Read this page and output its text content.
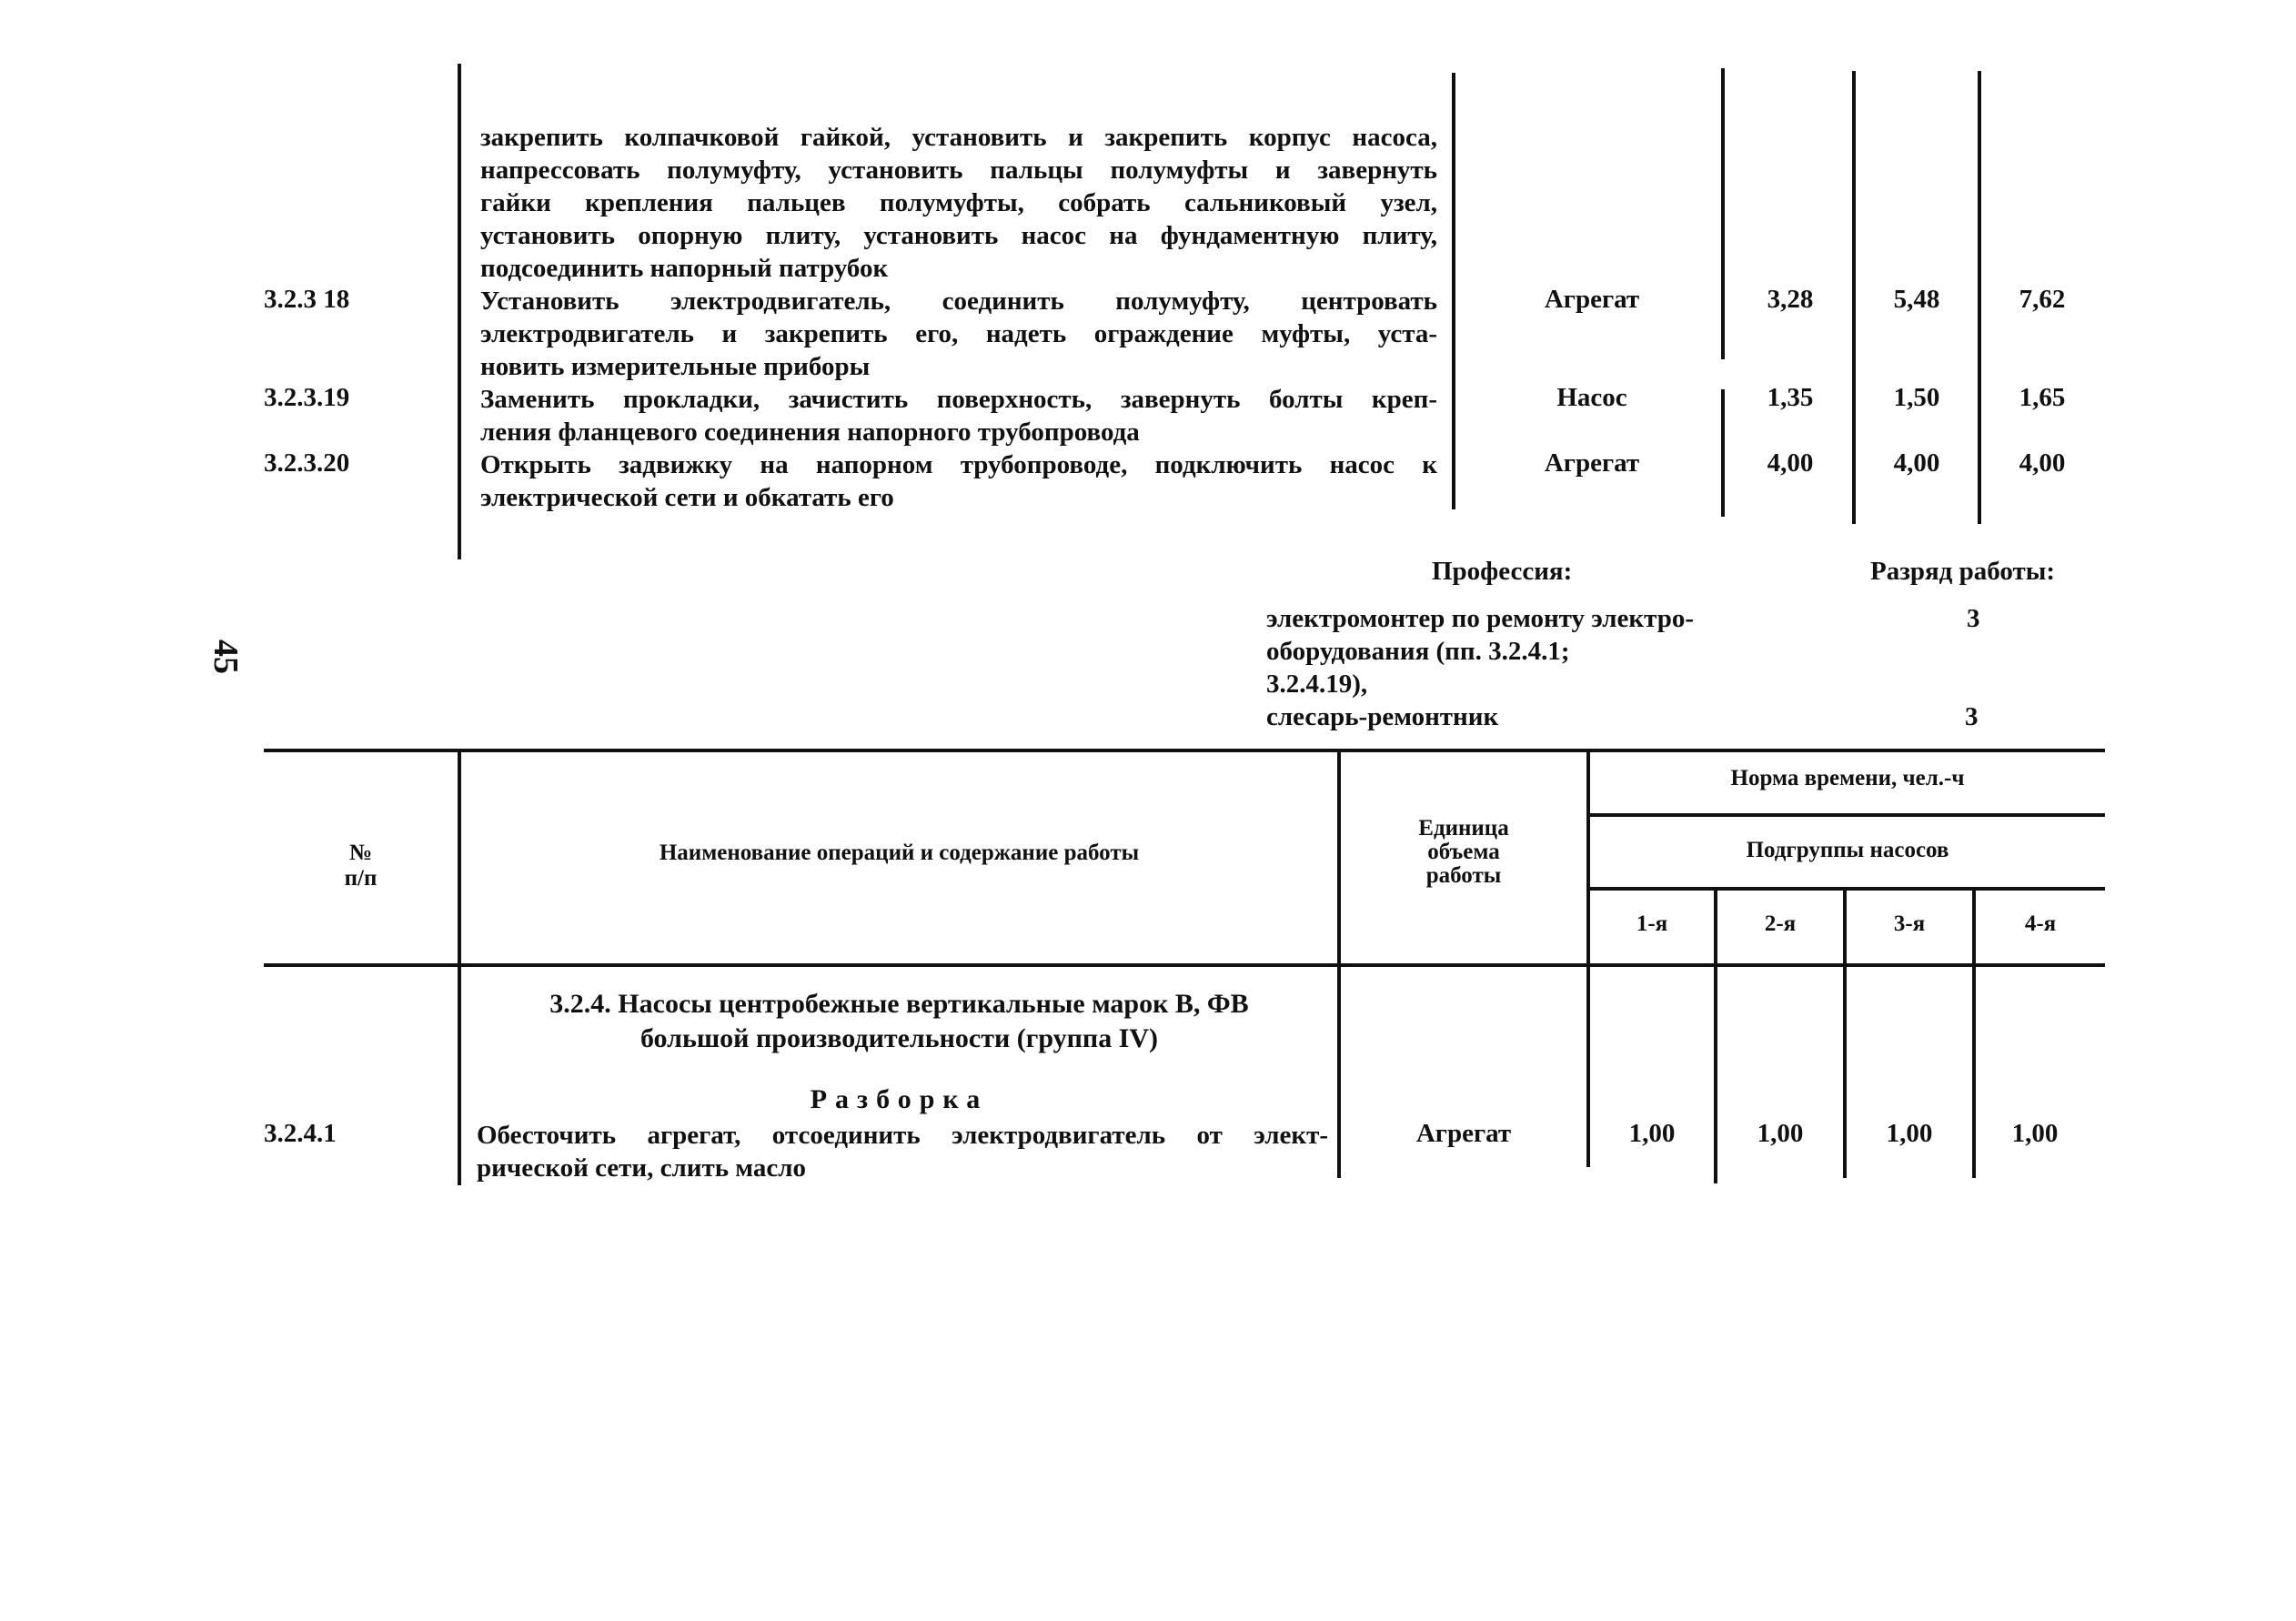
45
закрепить колпачковой гайкой, установить и закрепить корпус насоса,
напрессовать полумуфту, установить пальцы полумуфты и завернуть
гайки крепления пальцев полумуфты, собрать сальниковый узел,
установить опорную плиту, установить насос на фундаментную плиту,
подсоединить напорный патрубок
3.2.3 18	Установить электродвигатель, соединить полумуфту, центровать
электродвигатель и закрепить его, надеть ограждение муфты, уста-
новить измерительные приборы
Агрегат	3,28	5,48	7,62
3.2.3.19	Заменить прокладки, зачистить поверхность, завернуть болты креп-
ления фланцевого соединения напорного трубопровода
Насос	1,35	1,50	1,65
3.2.3.20	Открыть задвижку на напорном трубопроводе, подключить насос к
электрической сети и обкатать его
Агрегат	4,00	4,00	4,00
Профессия:	Разряд работы:
электромонтер по ремонту электро-
оборудования (пп. 3.2.4.1;
3.2.4.19),
3
слесарь-ремонтник	3
№
п/п
Наименование операций и содержание работы
Единица
объема
работы
Норма времени, чел.-ч
Подгруппы насосов
1-я	2-я	3-я	4-я
3.2.4. Насосы центробежные вертикальные марок В, ФВ
большой производительности (группа IV)
Разборка
3.2.4.1	Обесточить агрегат, отсоединить электродвигатель от элект-
рической сети, слить масло
Агрегат	1,00	1,00	1,00	1,00
